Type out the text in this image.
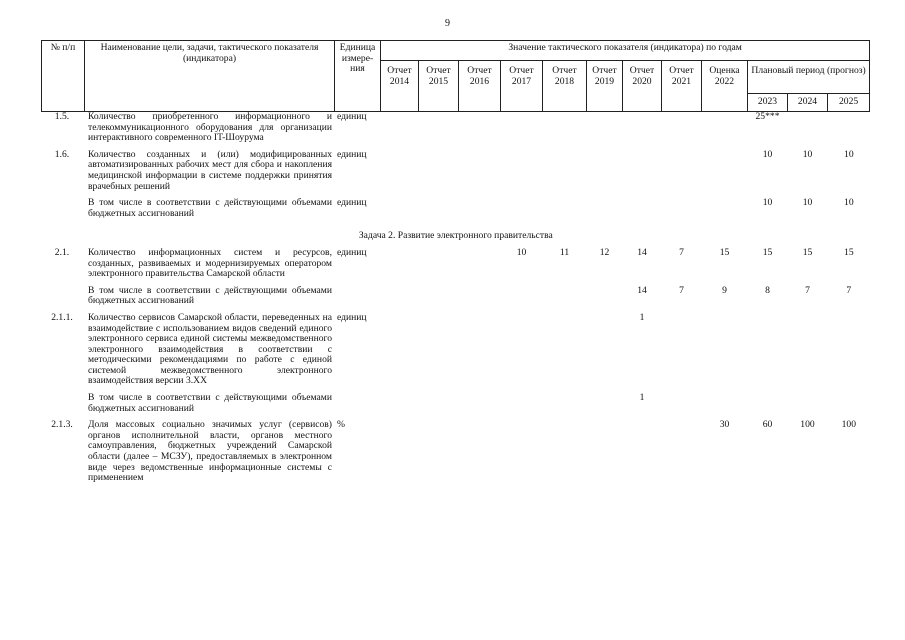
9
№ п/п	Наименование цели, задачи, тактического показателя (индикатора)	Единица измере-ния	Значение тактического показателя (индикатора) по годам											
			Отчет 2014	Отчет 2015	Отчет 2016	Отчет 2017	Отчет 2018	Отчет 2019	Отчет 2020	Отчет 2021	Оценка 2022	Плановый период (прогноз)		
												2023	2024	2025
1.5.	Количество приобретенного информационного и телекоммуникационного оборудования для организации интерактивного современного IT-Шоурума	единиц										25***		

1.6.	Количество созданных и (или) модифицированных автоматизированных рабочих мест для сбора и накопления медицинской информации в системе поддержки принятия врачебных решений	единиц										10	10	10

	В том числе в соответствии с действующими объемами бюджетных ассигнований	единиц										10	10	10

Задача 2. Развитие электронного правительства														
2.1.	Количество информационных систем и ресурсов, созданных, развиваемых и модернизируемых оператором электронного правительства Самарской области	единиц				10	11	12	14	7	15	15	15	15

	В том числе в соответствии с действующими объемами бюджетных ассигнований								14	7	9	8	7	7

2.1.1.	Количество сервисов Самарской области, переведенных на взаимодействие с использованием видов сведений единого электронного сервиса единой системы межведомственного электронного взаимодействия в соответствии с методическими рекомендациями по работе с единой системой межведомственного электронного взаимодействия версии 3.XX	единиц							1					

	В том числе в соответствии с действующими объемами бюджетных ассигнований								1					

2.1.3.	Доля массовых социально значимых услуг (сервисов) органов исполнительной власти, органов местного самоуправления, бюджетных учреждений Самарской области (далее – МСЗУ), предоставляемых в электронном виде через ведомственные информационные системы с применением	%									30	60	100	100
